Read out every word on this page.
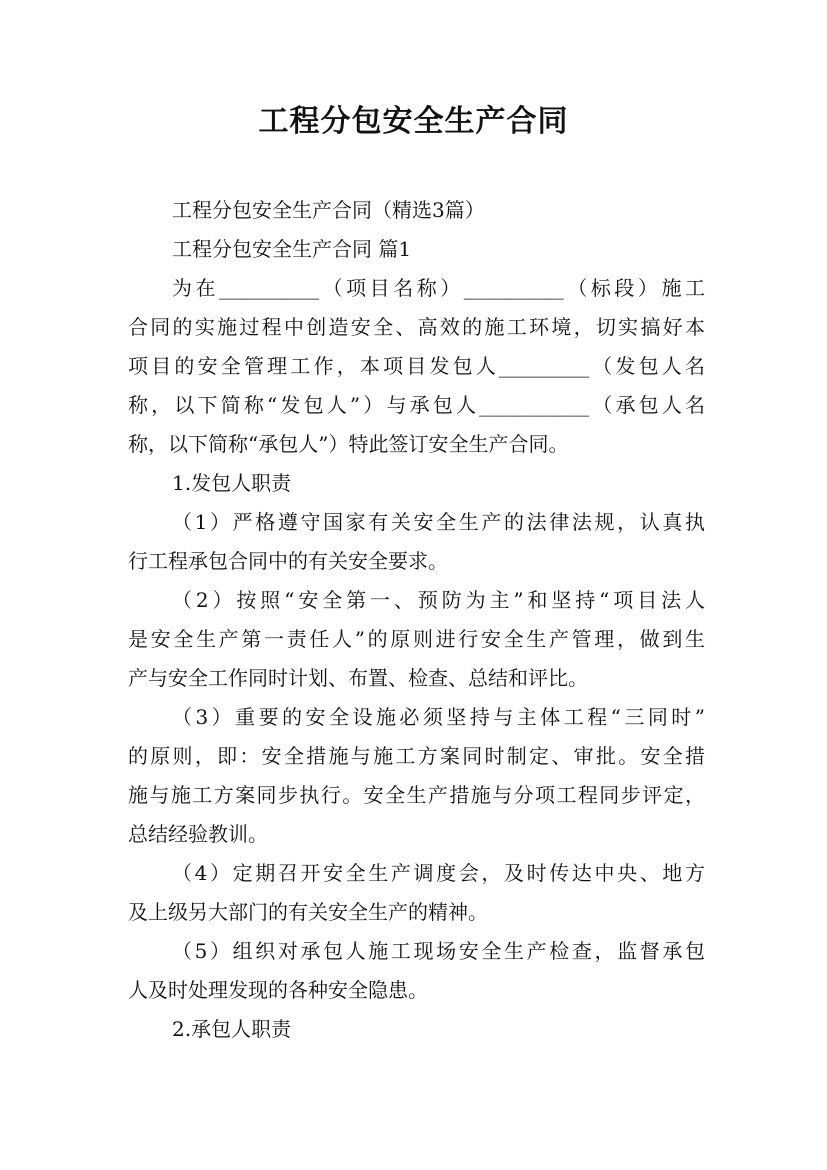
工程分包安全生产合同

工程分包安全生产合同（精选3篇）

工程分包安全生产合同 篇1

为在__________（项目名称）__________（标段）施工

合同的实施过程中创造安全、高效的施工环境，切实搞好本

项目的安全管理工作，本项目发包人_________（发包人名

称，以下简称“发包人”）与承包人___________（承包人名

称，以下简称“承包人”）特此签订安全生产合同。

1.发包人职责

（1）严格遵守国家有关安全生产的法律法规，认真执

行工程承包合同中的有关安全要求。

（2）按照“安全第一、预防为主”和坚持“项目法人

是安全生产第一责任人”的原则进行安全生产管理，做到生

产与安全工作同时计划、布置、检查、总结和评比。

（3）重要的安全设施必须坚持与主体工程“三同时”

的原则，即：安全措施与施工方案同时制定、审批。安全措

施与施工方案同步执行。安全生产措施与分项工程同步评定，

总结经验教训。

（4）定期召开安全生产调度会，及时传达中央、地方

及上级另大部门的有关安全生产的精神。

（5）组织对承包人施工现场安全生产检查，监督承包

人及时处理发现的各种安全隐患。

2.承包人职责
